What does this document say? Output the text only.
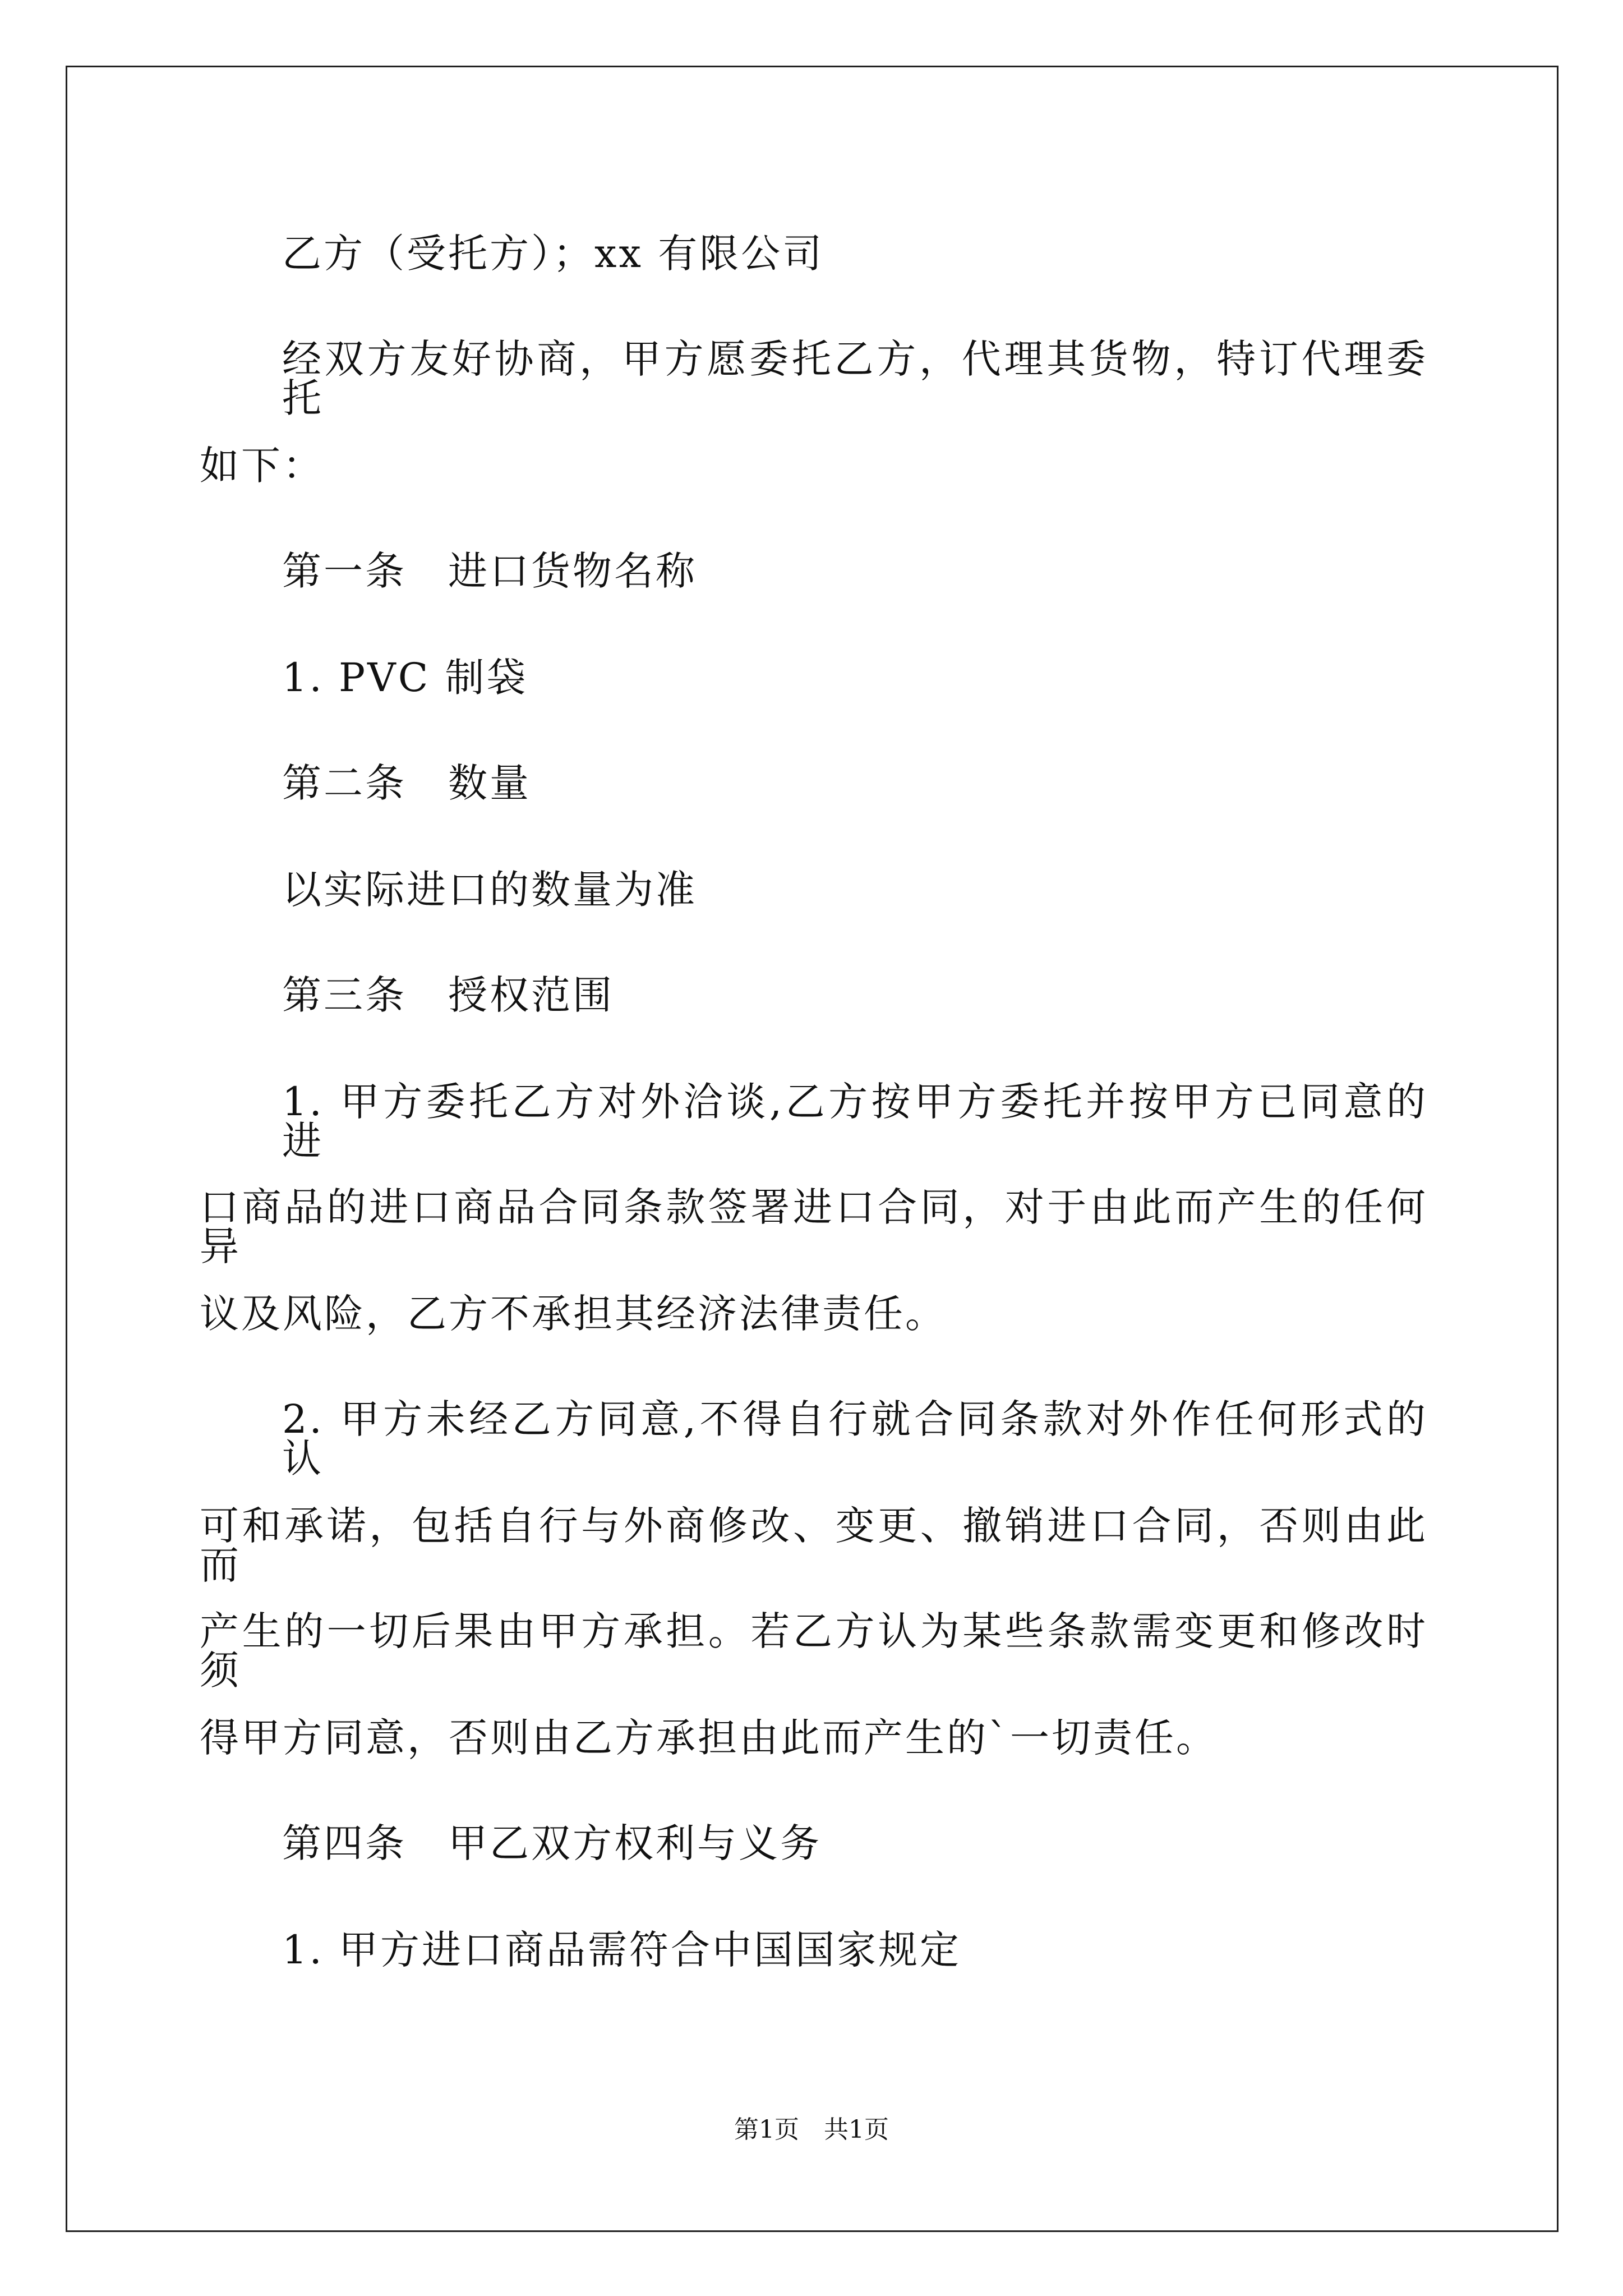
乙方（受托方）；xx 有限公司
经双方友好协商，甲方愿委托乙方，代理其货物，特订代理委托
如下：
第一条　进口货物名称
1. PVC 制袋
第二条　数量
以实际进口的数量为准
第三条　授权范围
1. 甲方委托乙方对外洽谈,乙方按甲方委托并按甲方已同意的进
口商品的进口商品合同条款签署进口合同，对于由此而产生的任何异
议及风险，乙方不承担其经济法律责任。
2. 甲方未经乙方同意,不得自行就合同条款对外作任何形式的认
可和承诺，包括自行与外商修改、变更、撤销进口合同，否则由此而
产生的一切后果由甲方承担。若乙方认为某些条款需变更和修改时须
得甲方同意，否则由乙方承担由此而产生的`一切责任。
第四条　甲乙双方权利与义务
1. 甲方进口商品需符合中国国家规定
第1页　共1页
